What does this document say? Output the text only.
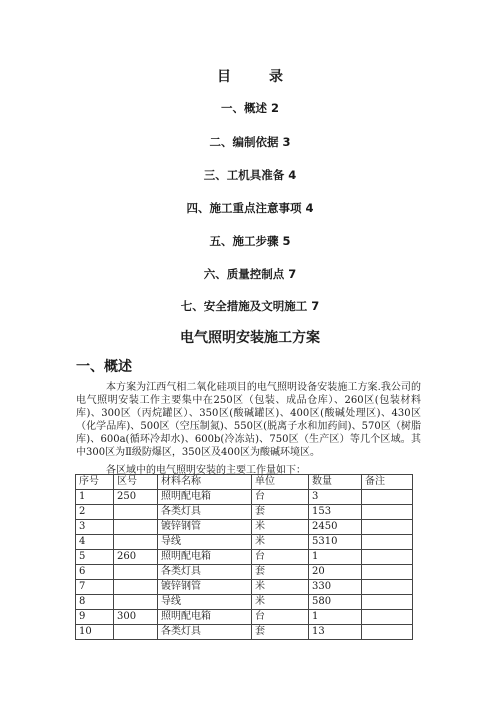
目　录
一、概述 2
二、编制依据 3
三、工机具准备 4
四、施工重点注意事项 4
五、施工步骤 5
六、质量控制点 7
七、安全措施及文明施工 7
电气照明安装施工方案
一、概述
本方案为江西气相二氧化硅项目的电气照明设备安装施工方案.我公司的电气照明安装工作主要集中在250区（包装、成品仓库）、260区(包装材料库)、300区（丙烷罐区）、350区(酸碱罐区)、400区(酸碱处理区)、430区（化学品库)、500区（空压制氮)、550区(脱离子水和加药间)、570区（树脂库)、600a(循环冷却水)、600b(冷冻站)、750区（生产区）等几个区域。其中300区为Ⅱ级防爆区，350区及400区为酸碱环境区。
各区域中的电气照明安装的主要工作量如下：
序号	区号	材料名称	单位	数量	备注
1	250	照明配电箱	台	3	
2		各类灯具	套	153	
3		镀锌钢管	米	2450	
4		导线	米	5310	
5	260	照明配电箱	台	1	
6		各类灯具	套	20	
7		镀锌钢管	米	330	
8		导线	米	580	
9	300	照明配电箱	台	1	
10		各类灯具	套	13	
